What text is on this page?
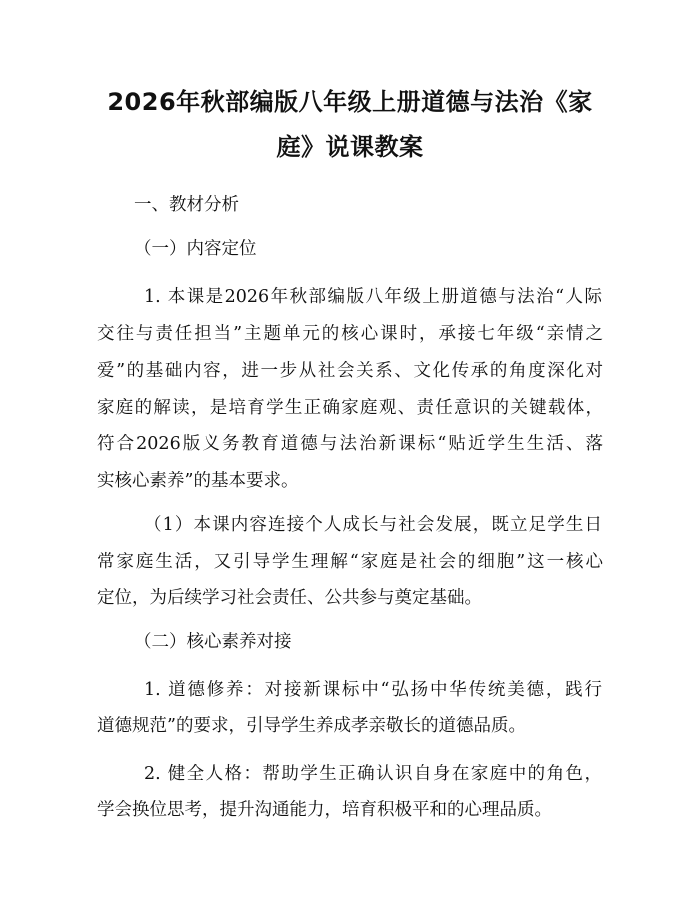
2026年秋部编版八年级上册道德与法治《家
庭》说课教案

一、教材分析

（一）内容定位

1. 本课是2026年秋部编版八年级上册道德与法治“人际

交往与责任担当”主题单元的核心课时，承接七年级“亲情之

爱”的基础内容，进一步从社会关系、文化传承的角度深化对

家庭的解读，是培育学生正确家庭观、责任意识的关键载体，

符合2026版义务教育道德与法治新课标“贴近学生生活、落

实核心素养”的基本要求。

（1）本课内容连接个人成长与社会发展，既立足学生日

常家庭生活，又引导学生理解“家庭是社会的细胞”这一核心

定位，为后续学习社会责任、公共参与奠定基础。

（二）核心素养对接

1. 道德修养：对接新课标中“弘扬中华传统美德，践行

道德规范”的要求，引导学生养成孝亲敬长的道德品质。

2. 健全人格：帮助学生正确认识自身在家庭中的角色，

学会换位思考，提升沟通能力，培育积极平和的心理品质。
